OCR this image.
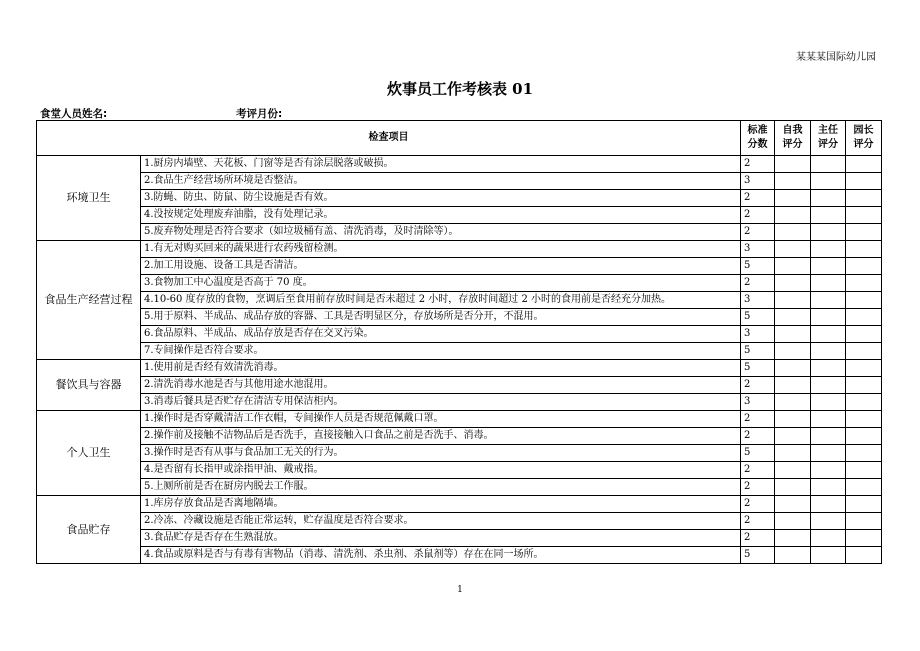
某某某国际幼儿园
炊事员工作考核表 01
食堂人员姓名:	考评月份:
检查项目		标准分数	自我评分	主任评分	园长评分
环境卫生	1.厨房内墙壁、天花板、门窗等是否有涂层脱落或破损。	2			
	2.食品生产经营场所环境是否整洁。	3			
	3.防蝇、防虫、防鼠、防尘设施是否有效。	2			
	4.没按规定处理废弃油脂，没有处理记录。	2			
	5.废弃物处理是否符合要求（如垃圾桶有盖、清洗消毒，及时清除等）。	2			
食品生产经营过程	1.有无对购买回来的蔬果进行农药残留检测。	3			
	2.加工用设施、设备工具是否清洁。	5			
	3.食物加工中心温度是否高于 70 度。	2			
	4.10-60 度存放的食物，烹调后至食用前存放时间是否未超过 2 小时，存放时间超过 2 小时的食用前是否经充分加热。	3			
	5.用于原料、半成品、成品存放的容器、工具是否明显区分，存放场所是否分开，不混用。	5			
	6.食品原料、半成品、成品存放是否存在交叉污染。	3			
	7.专间操作是否符合要求。	5			
餐饮具与容器	1.使用前是否经有效清洗消毒。	5			
	2.清洗消毒水池是否与其他用途水池混用。	2			
	3.消毒后餐具是否贮存在清洁专用保洁柜内。	3			
个人卫生	1.操作时是否穿戴清洁工作衣帽，专间操作人员是否规范佩戴口罩。	2			
	2.操作前及接触不洁物品后是否洗手，直接接触入口食品之前是否洗手、消毒。	2			
	3.操作时是否有从事与食品加工无关的行为。	5			
	4.是否留有长指甲或涂指甲油、戴戒指。	2			
	5.上厕所前是否在厨房内脱去工作服。	2			
食品贮存	1.库房存放食品是否离地隔墙。	2			
	2.冷冻、冷藏设施是否能正常运转，贮存温度是否符合要求。	2			
	3.食品贮存是否存在生熟混放。	2			
	4.食品或原料是否与有毒有害物品（消毒、清洗剂、杀虫剂、杀鼠剂等）存在在同一场所。	5			
1
